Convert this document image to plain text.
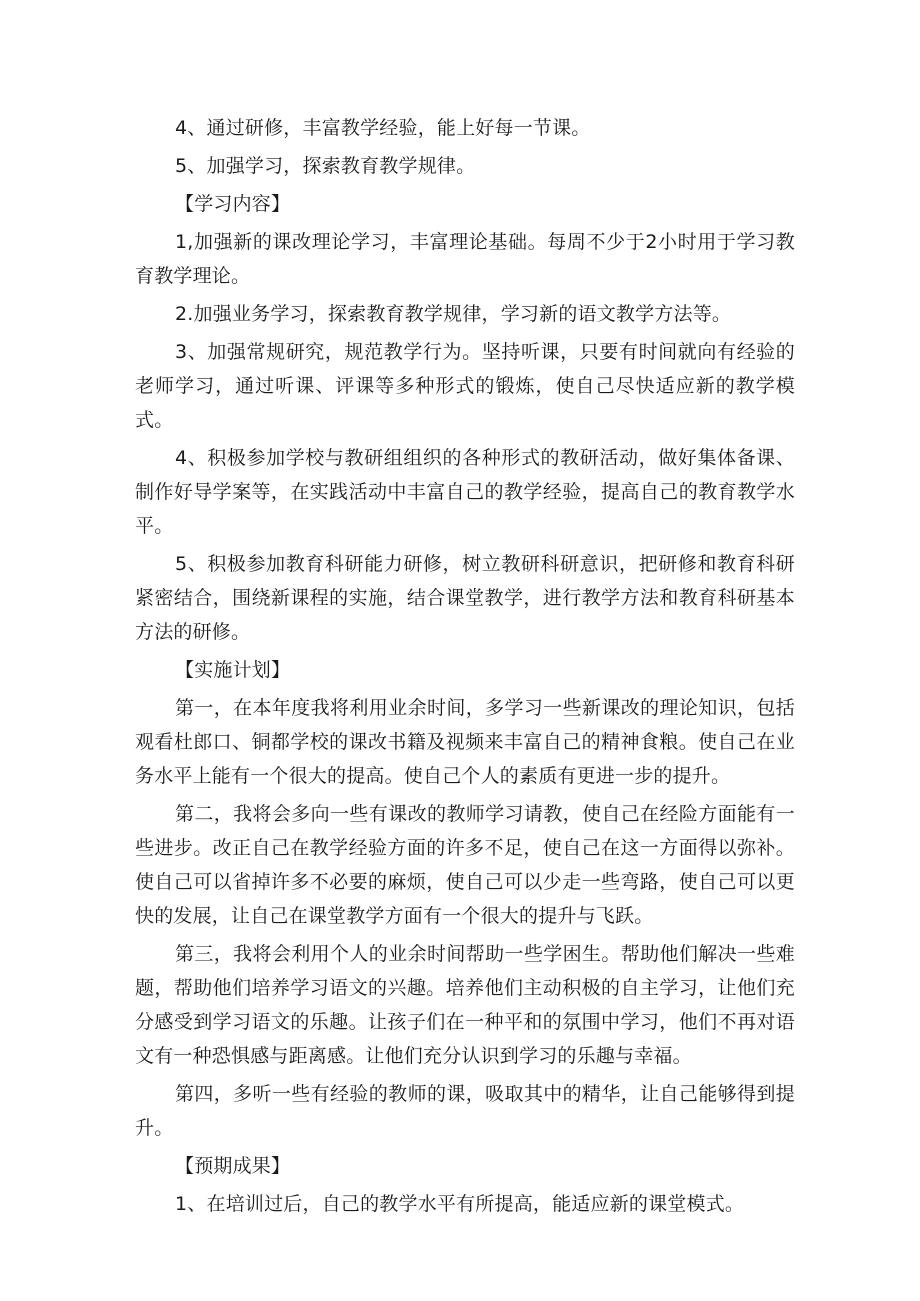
4、通过研修，丰富教学经验，能上好每一节课。

5、加强学习，探索教育教学规律。

【学习内容】

1,加强新的课改理论学习，丰富理论基础。每周不少于2小时用于学习教育教学理论。

2.加强业务学习，探索教育教学规律，学习新的语文教学方法等。

3、加强常规研究，规范教学行为。坚持听课，只要有时间就向有经验的老师学习，通过听课、评课等多种形式的锻炼，使自己尽快适应新的教学模式。

4、积极参加学校与教研组组织的各种形式的教研活动，做好集体备课、制作好导学案等，在实践活动中丰富自己的教学经验，提高自己的教育教学水平。

5、积极参加教育科研能力研修，树立教研科研意识，把研修和教育科研紧密结合，围绕新课程的实施，结合课堂教学，进行教学方法和教育科研基本方法的研修。

【实施计划】

第一，在本年度我将利用业余时间，多学习一些新课改的理论知识，包括观看杜郎口、铜都学校的课改书籍及视频来丰富自己的精神食粮。使自己在业务水平上能有一个很大的提高。使自己个人的素质有更进一步的提升。

第二，我将会多向一些有课改的教师学习请教，使自己在经险方面能有一些进步。改正自己在教学经验方面的许多不足，使自己在这一方面得以弥补。使自己可以省掉许多不必要的麻烦，使自己可以少走一些弯路，使自己可以更快的发展，让自己在课堂教学方面有一个很大的提升与飞跃。

第三，我将会利用个人的业余时间帮助一些学困生。帮助他们解决一些难题，帮助他们培养学习语文的兴趣。培养他们主动积极的自主学习，让他们充分感受到学习语文的乐趣。让孩子们在一种平和的氛围中学习，他们不再对语文有一种恐惧感与距离感。让他们充分认识到学习的乐趣与幸福。

第四，多听一些有经验的教师的课，吸取其中的精华，让自己能够得到提升。

【预期成果】

1、在培训过后，自己的教学水平有所提高，能适应新的课堂模式。
